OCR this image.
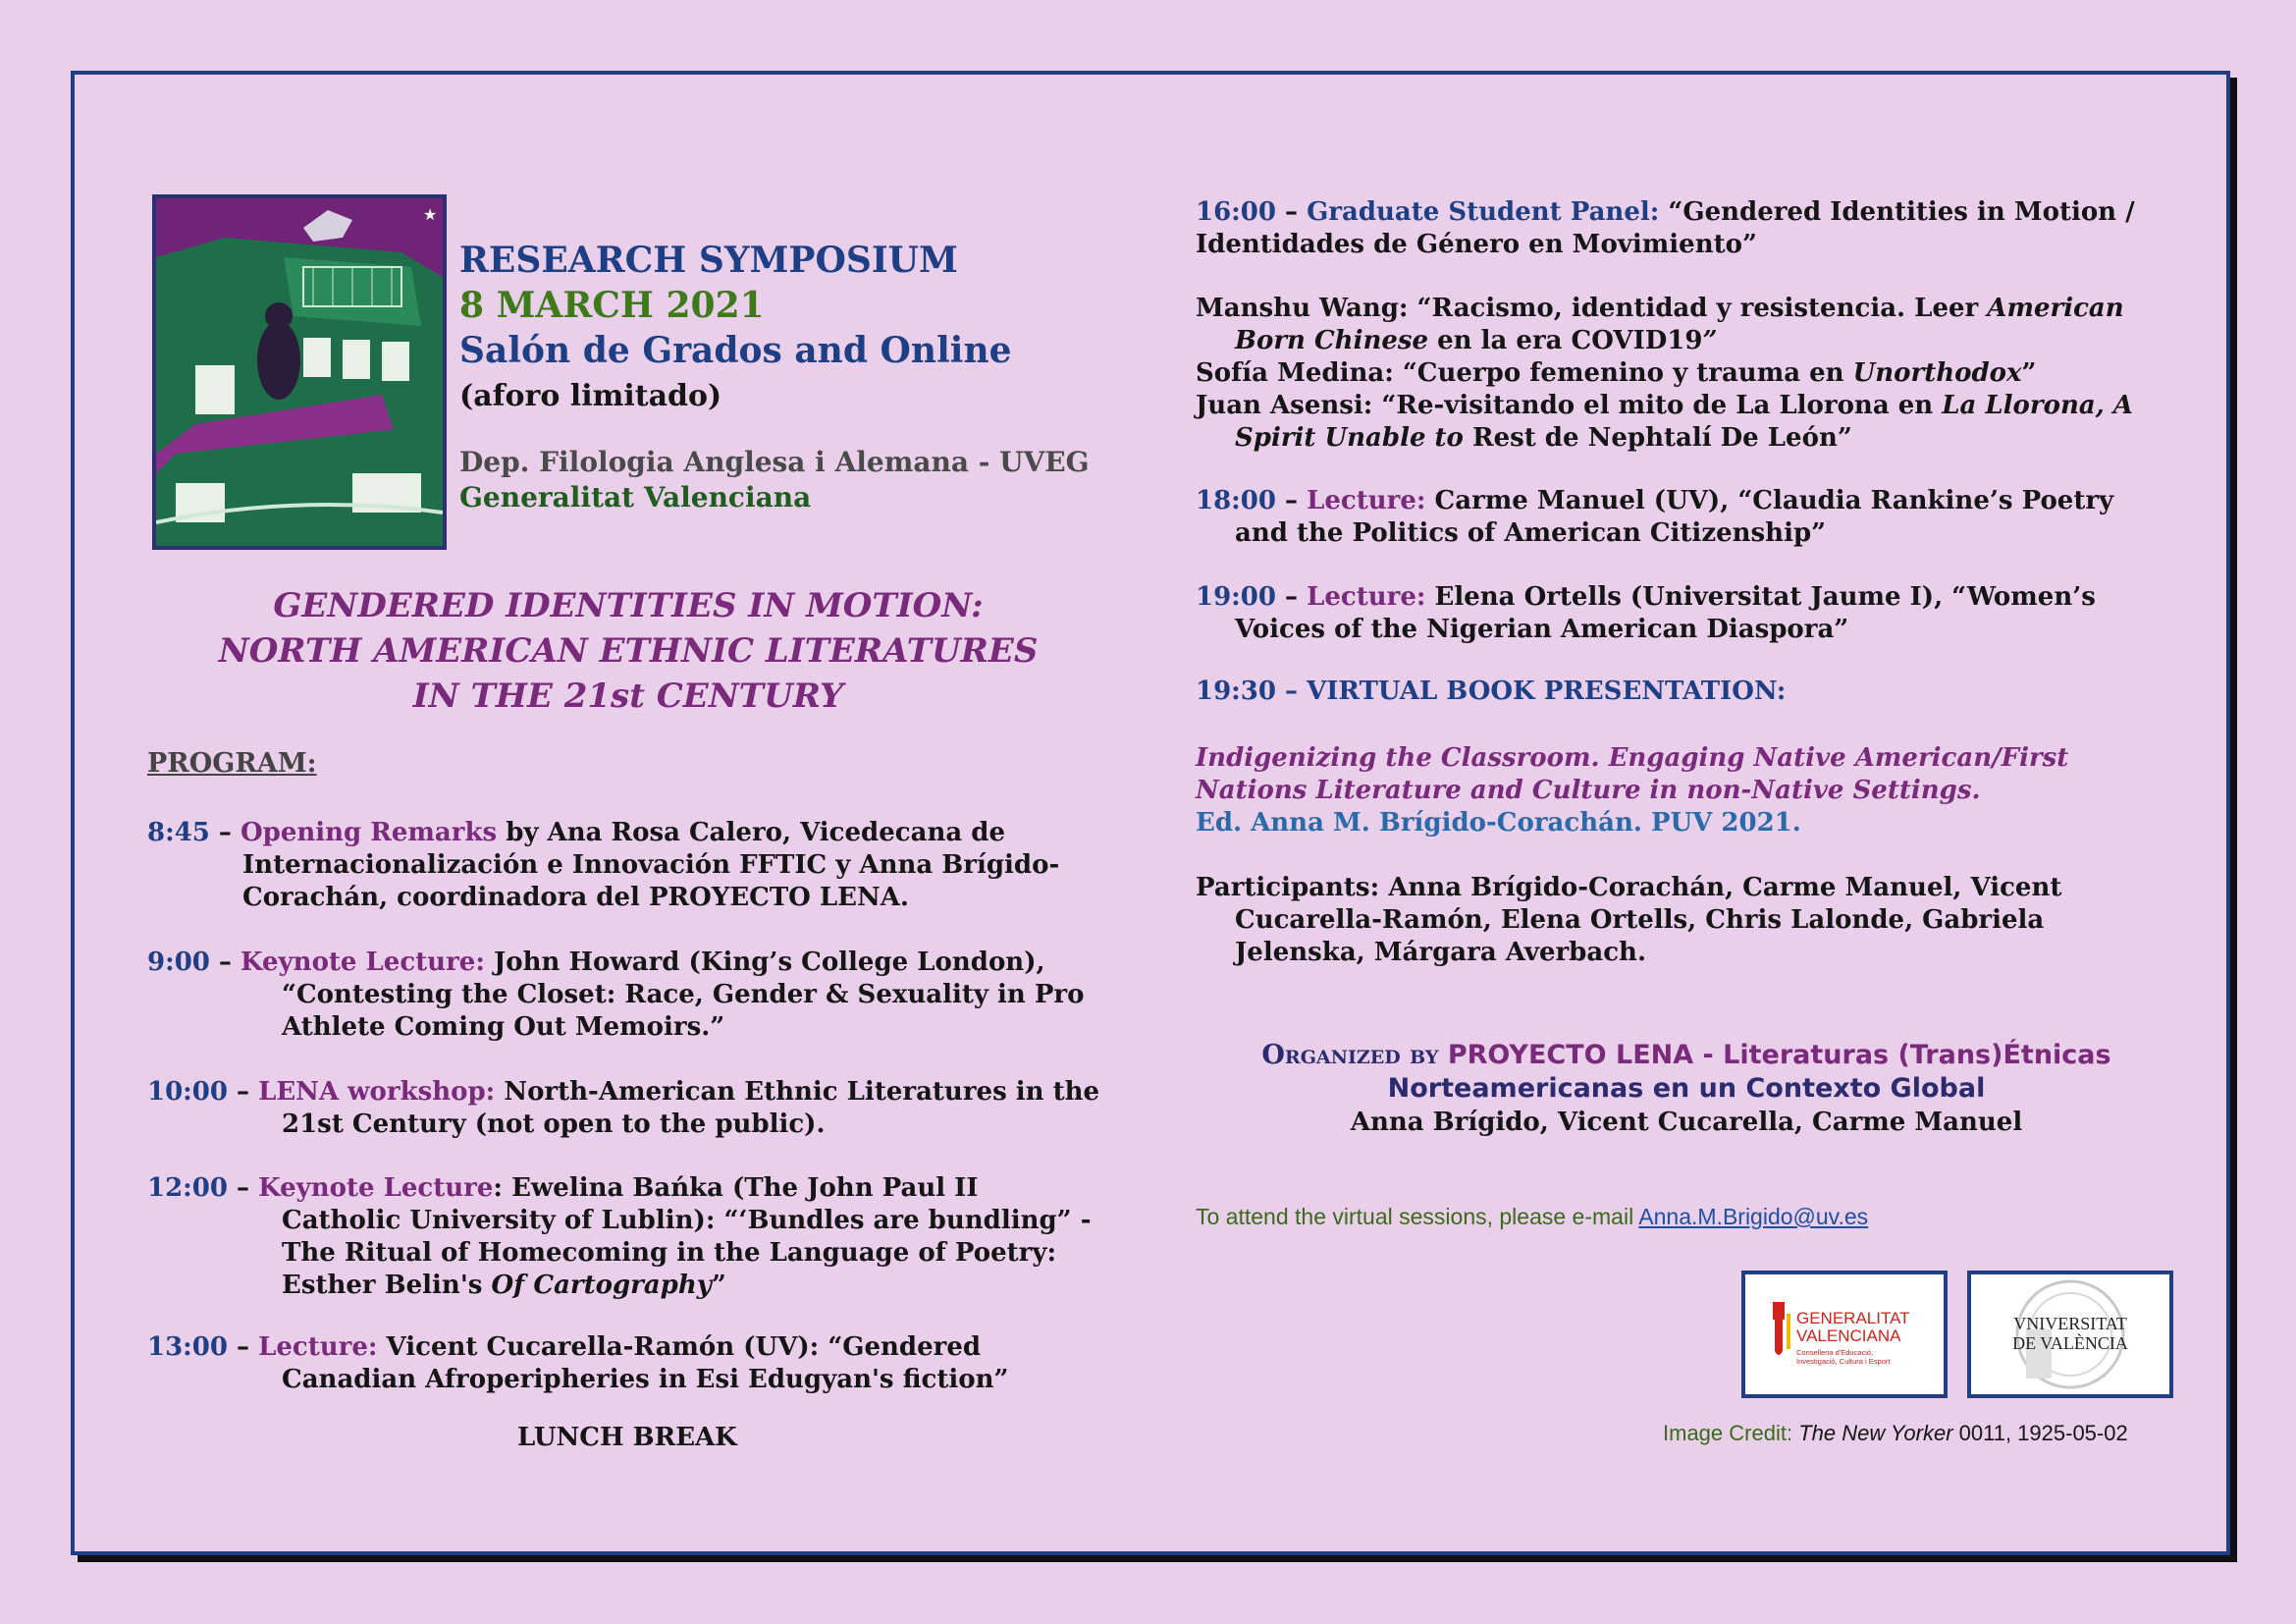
★
RESEARCH SYMPOSIUM
8 MARCH 2021
Salón de Grados and Online
(aforo limitado)
Dep. Filologia Anglesa i Alemana - UVEG
Generalitat Valenciana
GENDERED IDENTITIES IN MOTION:
NORTH AMERICAN ETHNIC LITERATURES
IN THE 21st CENTURY
PROGRAM:
8:45 – Opening Remarks by Ana Rosa Calero, Vicedecana de
Internacionalización e Innovación FFTIC y Anna Brígido-
Corachán, coordinadora del PROYECTO LENA.
9:00 – Keynote Lecture: John Howard (King’s College London),
“Contesting the Closet: Race, Gender & Sexuality in Pro
Athlete Coming Out Memoirs.”
10:00 – LENA workshop: North-American Ethnic Literatures in the
21st Century (not open to the public).
12:00 – Keynote Lecture: Ewelina Bańka (The John Paul II
Catholic University of Lublin): “‘Bundles are bundling” -
The Ritual of Homecoming in the Language of Poetry:
Esther Belin's Of Cartography”
13:00 – Lecture: Vicent Cucarella-Ramón (UV): “Gendered
Canadian Afroperipheries in Esi Edugyan's fiction”
LUNCH BREAK
16:00 – Graduate Student Panel: “Gendered Identities in Motion /
Identidades de Género en Movimiento”
Manshu Wang: “Racismo, identidad y resistencia. Leer American
Born Chinese en la era COVID19”
Sofía Medina: “Cuerpo femenino y trauma en Unorthodox”
Juan Asensi: “Re-visitando el mito de La Llorona en La Llorona, A
Spirit Unable to Rest de Nephtalí De León”
18:00 – Lecture: Carme Manuel (UV), “Claudia Rankine’s Poetry
and the Politics of American Citizenship”
19:00 – Lecture: Elena Ortells (Universitat Jaume I), “Women’s
Voices of the Nigerian American Diaspora”
19:30 – VIRTUAL BOOK PRESENTATION:
Indigenizing the Classroom. Engaging Native American/First
Nations Literature and Culture in non-Native Settings.
Ed. Anna M. Brígido-Corachán. PUV 2021.
Participants: Anna Brígido-Corachán, Carme Manuel, Vicent
Cucarella-Ramón, Elena Ortells, Chris Lalonde, Gabriela
Jelenska, Márgara Averbach.
Organized by PROYECTO LENA - Literaturas (Trans)Étnicas
Norteamericanas en un Contexto Global
Anna Brígido, Vicent Cucarella, Carme Manuel
To attend the virtual sessions, please e-mail Anna.M.Brigido@uv.es
GENERALITAT
VALENCIANA
Conselleria d'Educació,
Investigació, Cultura i Esport
VNIVERSITAT
DE VALÈNCIA
Image Credit: The New Yorker 0011, 1925-05-02
